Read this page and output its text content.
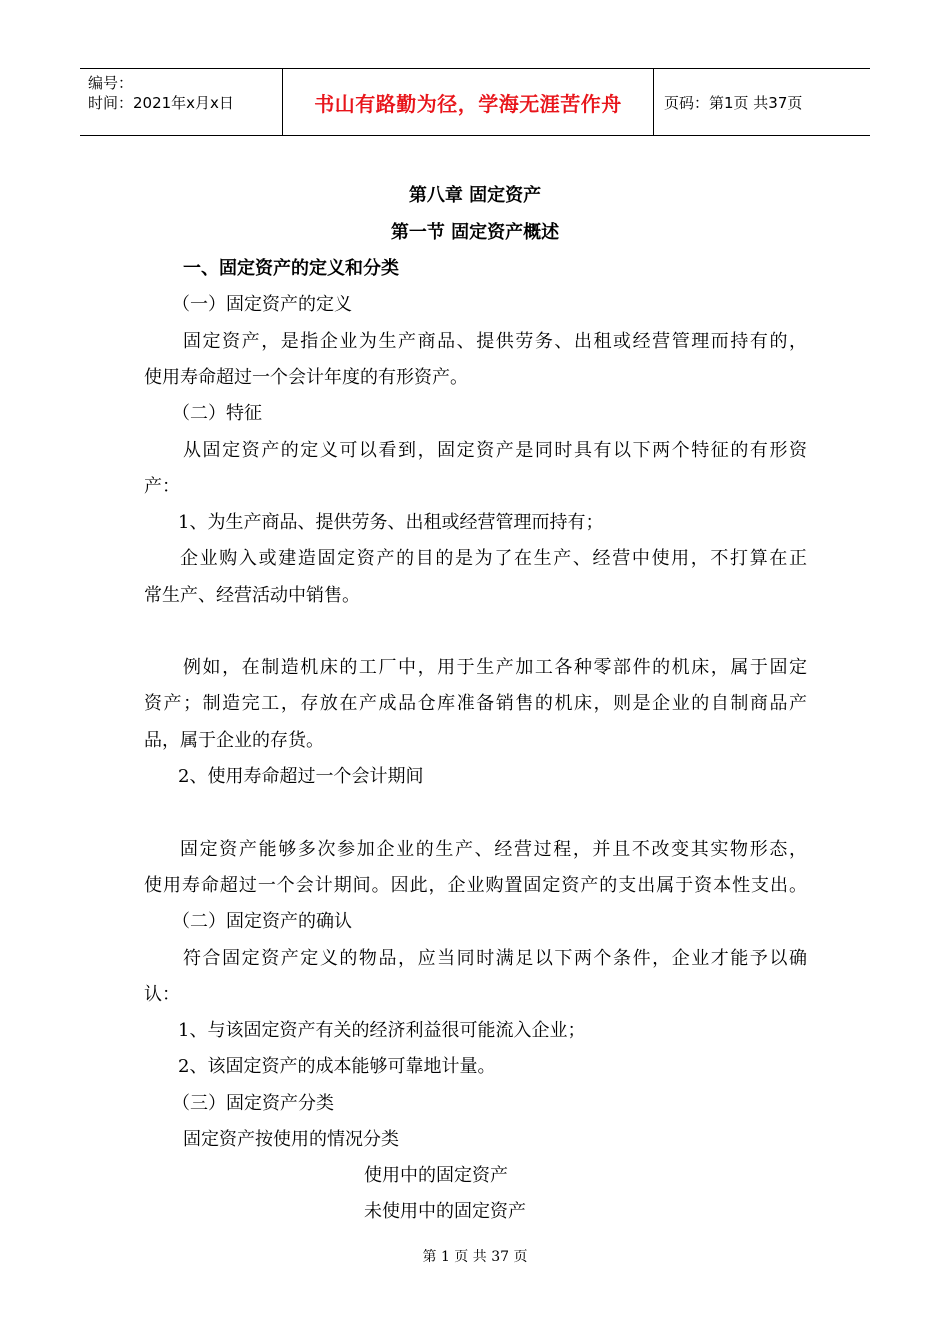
编号：
时间：2021年x月x日	书山有路勤为径，学海无涯苦作舟	页码：第1页 共37页
第八章 固定资产
第一节 固定资产概述
一、固定资产的定义和分类
（一）固定资产的定义
固定资产，是指企业为生产商品、提供劳务、出租或经营管理而持有的，
使用寿命超过一个会计年度的有形资产。
（二）特征
从固定资产的定义可以看到，固定资产是同时具有以下两个特征的有形资
产：
1、为生产商品、提供劳务、出租或经营管理而持有；
企业购入或建造固定资产的目的是为了在生产、经营中使用，不打算在正
常生产、经营活动中销售。
例如，在制造机床的工厂中，用于生产加工各种零部件的机床，属于固定
资产；制造完工，存放在产成品仓库准备销售的机床，则是企业的自制商品产
品，属于企业的存货。
2、使用寿命超过一个会计期间
固定资产能够多次参加企业的生产、经营过程，并且不改变其实物形态，
使用寿命超过一个会计期间。因此，企业购置固定资产的支出属于资本性支出。
（二）固定资产的确认
符合固定资产定义的物品，应当同时满足以下两个条件，企业才能予以确
认：
1、与该固定资产有关的经济利益很可能流入企业；
2、该固定资产的成本能够可靠地计量。
（三）固定资产分类
固定资产按使用的情况分类
使用中的固定资产
未使用中的固定资产
第 1 页 共 37 页
